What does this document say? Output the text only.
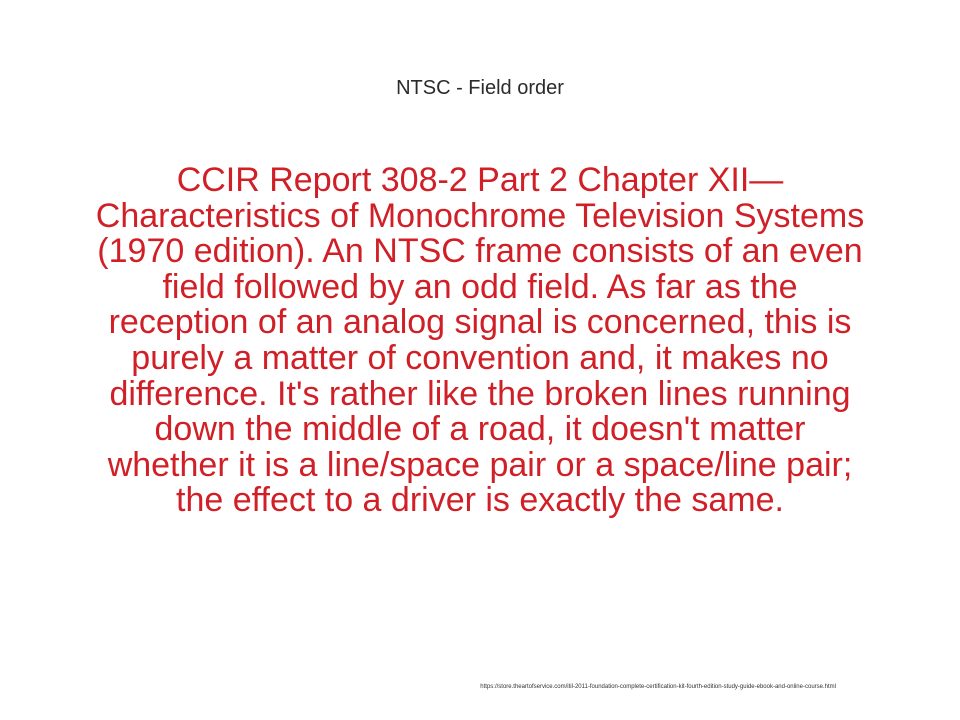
NTSC - Field order
CCIR Report 308-2 Part 2 Chapter XII—Characteristics of Monochrome Television Systems (1970 edition). An NTSC frame consists of an even field followed by an odd field. As far as the reception of an analog signal is concerned, this is purely a matter of convention and, it makes no difference. It's rather like the broken lines running down the middle of a road, it doesn't matter whether it is a line/space pair or a space/line pair; the effect to a driver is exactly the same.
https://store.theartofservice.com/itil-2011-foundation-complete-certification-kit-fourth-edition-study-guide-ebook-and-online-course.html
